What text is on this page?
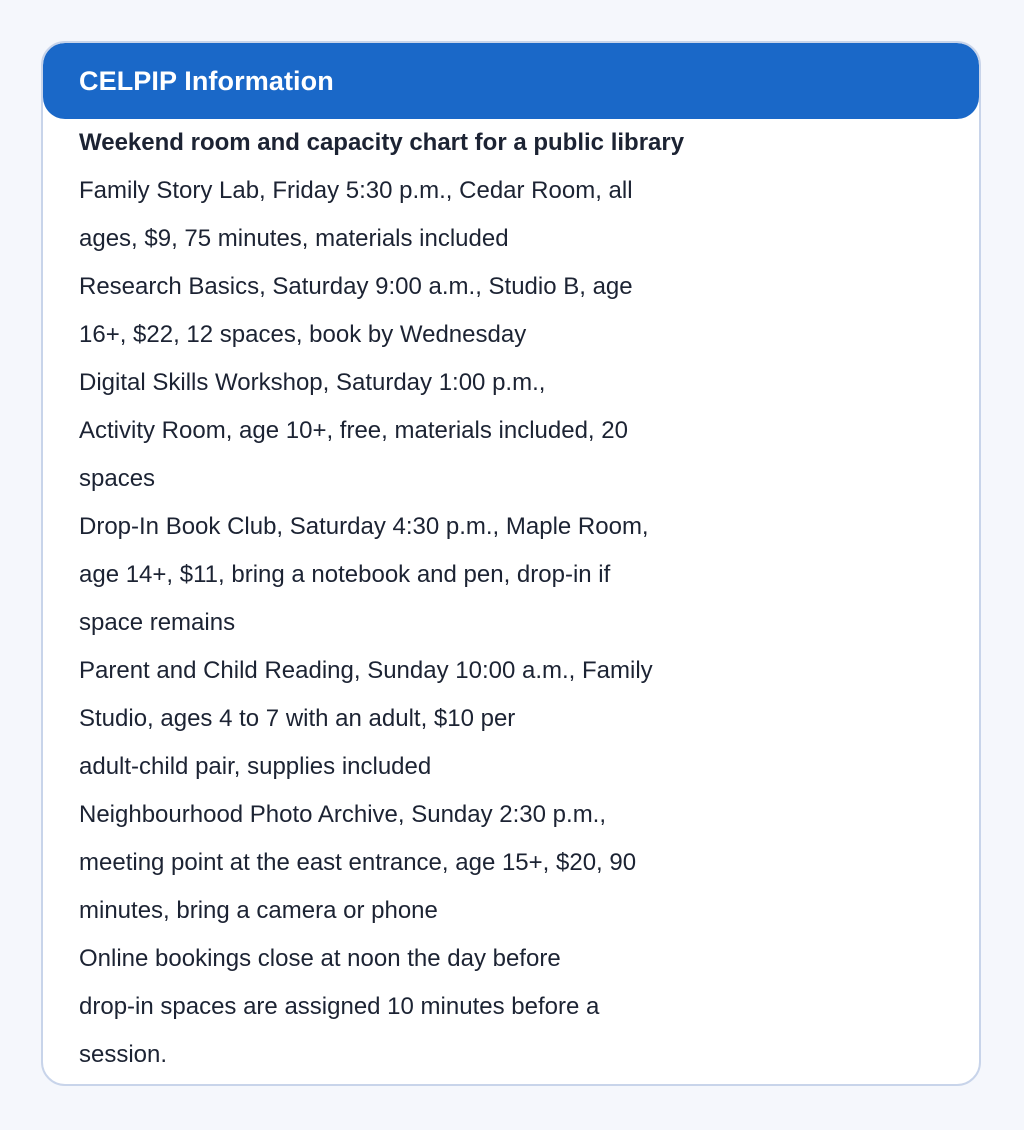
CELPIP Information
Weekend room and capacity chart for a public library
Family Story Lab, Friday 5:30 p.m., Cedar Room, all
ages, $9, 75 minutes, materials included
Research Basics, Saturday 9:00 a.m., Studio B, age
16+, $22, 12 spaces, book by Wednesday
Digital Skills Workshop, Saturday 1:00 p.m.,
Activity Room, age 10+, free, materials included, 20
spaces
Drop-In Book Club, Saturday 4:30 p.m., Maple Room,
age 14+, $11, bring a notebook and pen, drop-in if
space remains
Parent and Child Reading, Sunday 10:00 a.m., Family
Studio, ages 4 to 7 with an adult, $10 per
adult-child pair, supplies included
Neighbourhood Photo Archive, Sunday 2:30 p.m.,
meeting point at the east entrance, age 15+, $20, 90
minutes, bring a camera or phone
Online bookings close at noon the day before
drop-in spaces are assigned 10 minutes before a
session.
